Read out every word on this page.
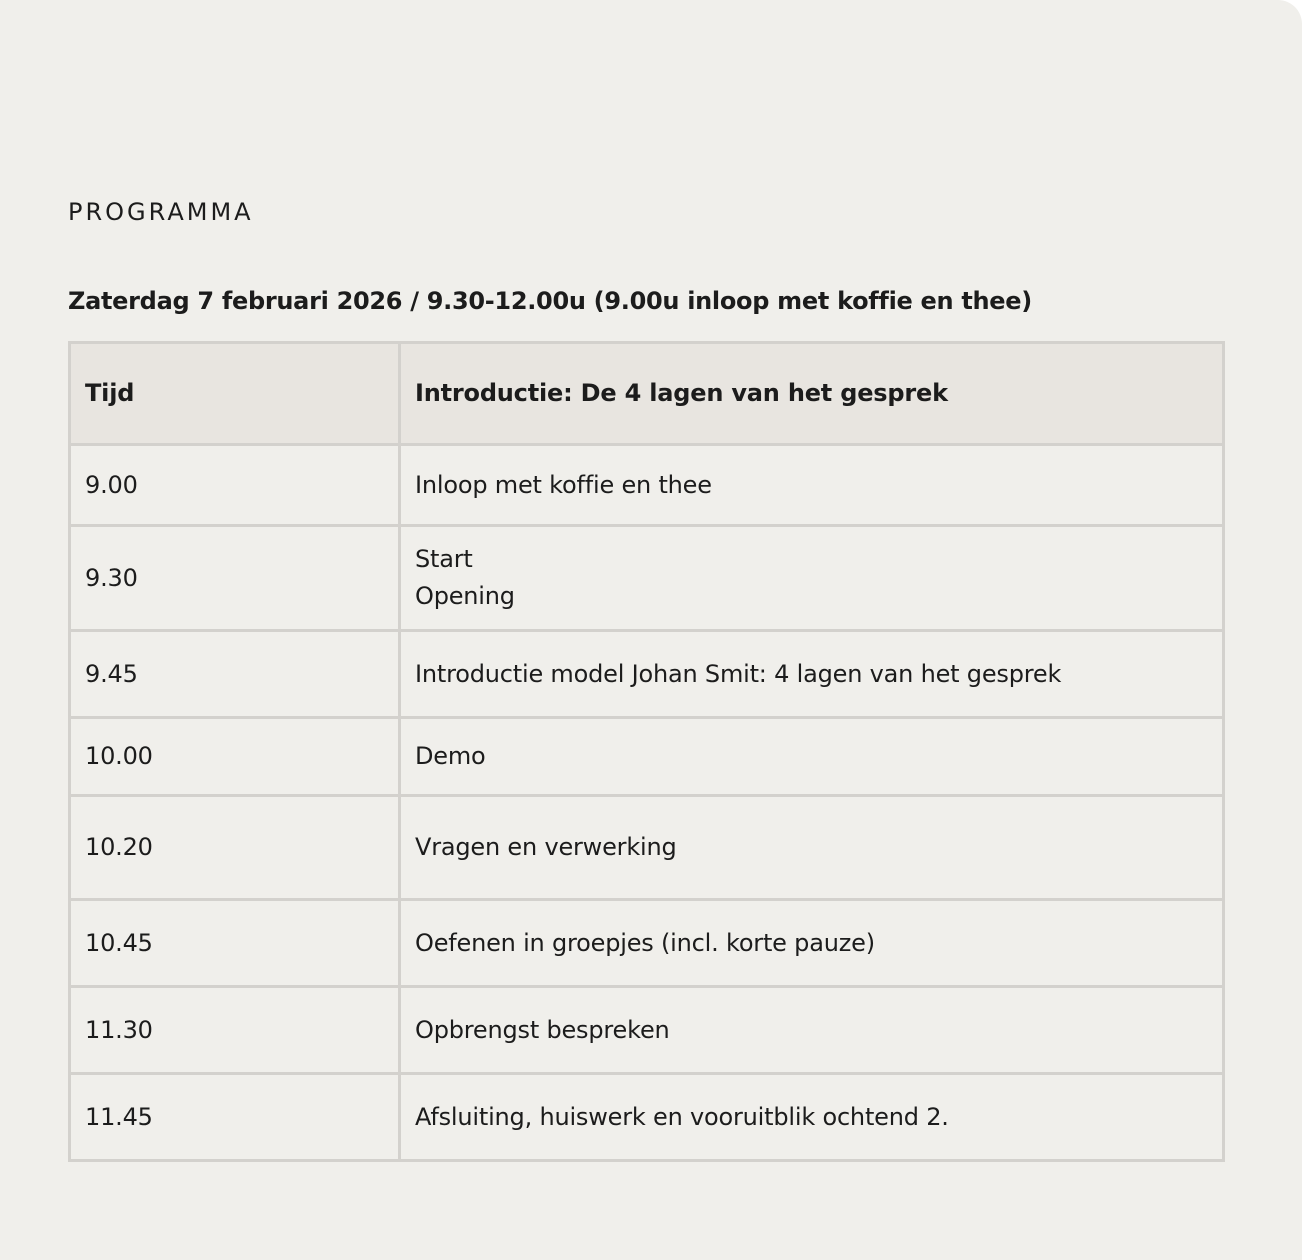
PROGRAMMA
Zaterdag 7 februari 2026 / 9.30-12.00u (9.00u inloop met koffie en thee)
Tijd	Introductie: De 4 lagen van het gesprek
9.00	Inloop met koffie en thee

9.30	Start
Opening

9.45	Introductie model Johan Smit: 4 lagen van het gesprek

10.00	Demo

10.20	Vragen en verwerking

10.45	Oefenen in groepjes (incl. korte pauze)

11.30	Opbrengst bespreken

11.45	Afsluiting, huiswerk en vooruitblik ochtend 2.
